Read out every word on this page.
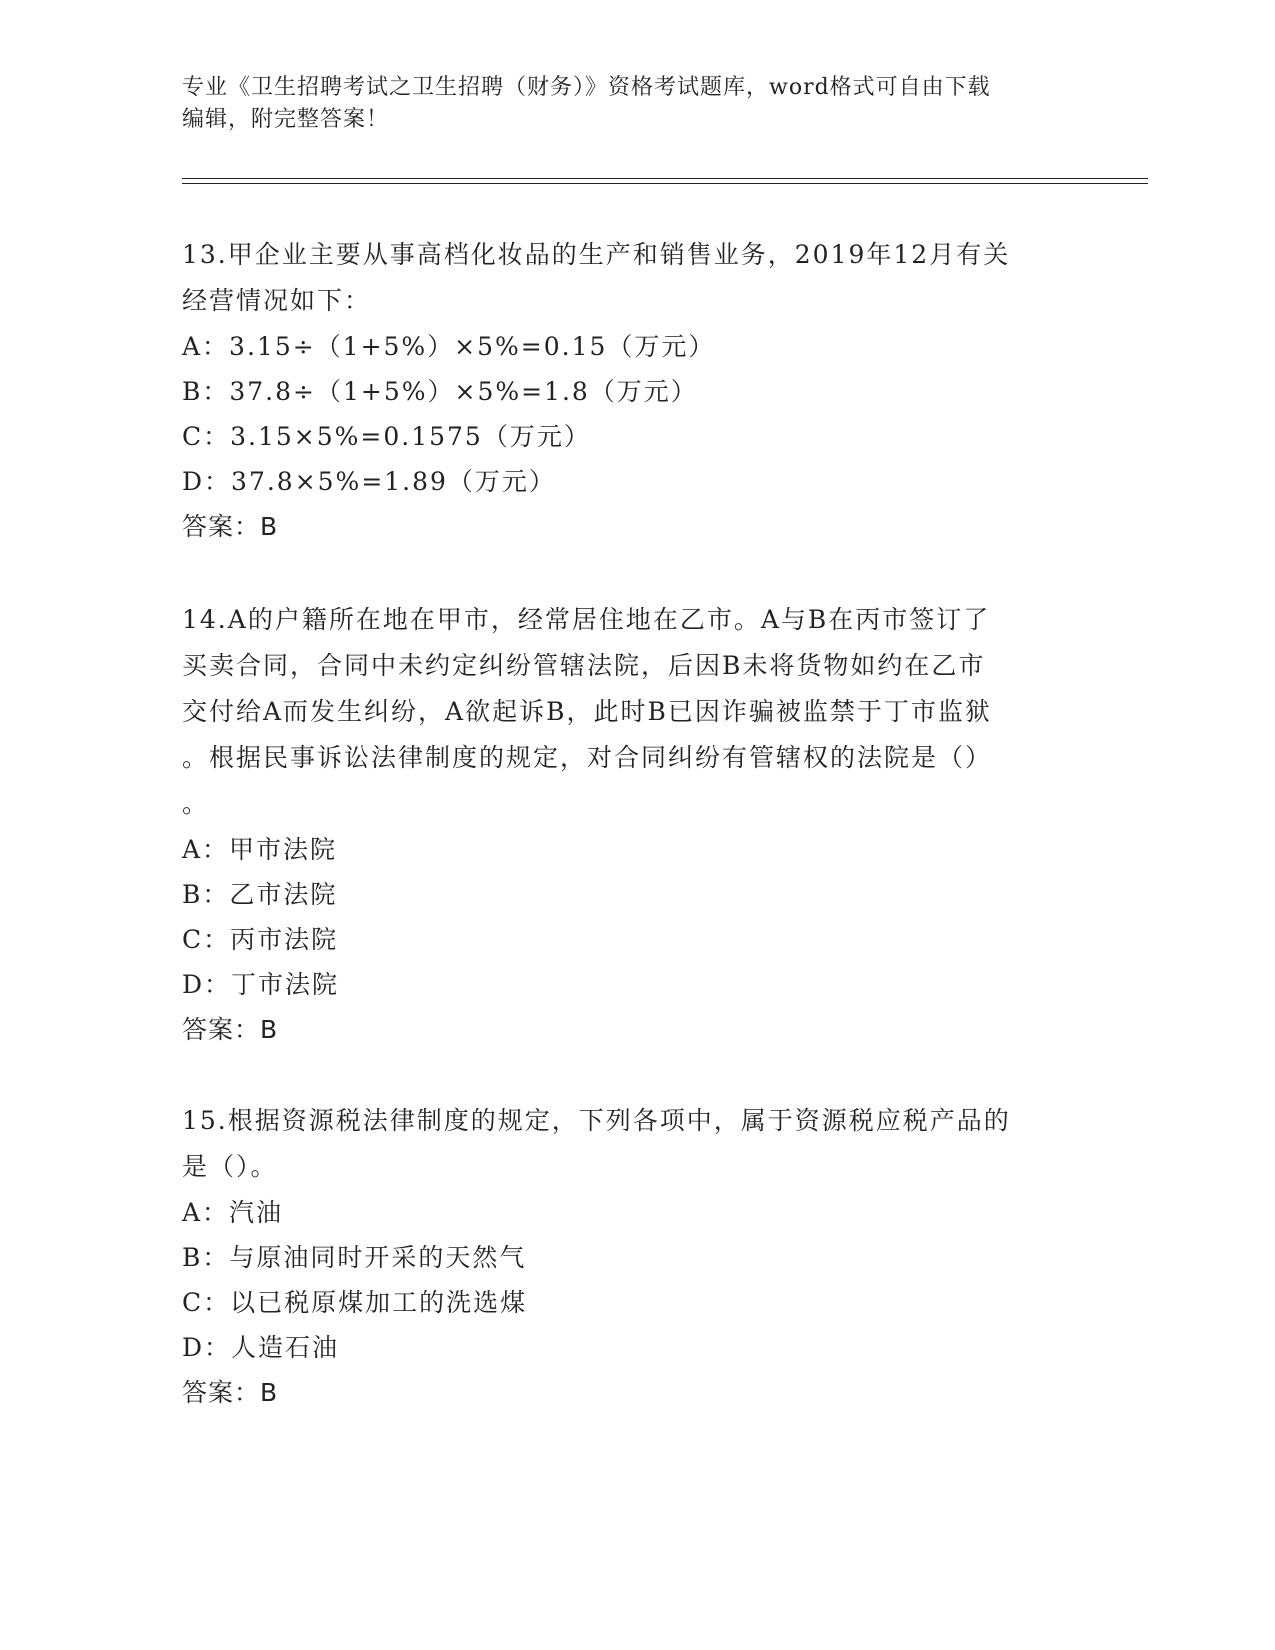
专业《卫生招聘考试之卫生招聘（财务）》资格考试题库，word格式可自由下载
编辑，附完整答案！
13.甲企业主要从事高档化妆品的生产和销售业务，2019年12月有关
经营情况如下：
A：3.15÷（1+5%）×5%=0.15（万元）
B：37.8÷（1+5%）×5%=1.8（万元）
C：3.15×5%=0.1575（万元）
D：37.8×5%=1.89（万元）
答案：B
14.A的户籍所在地在甲市，经常居住地在乙市。A与B在丙市签订了
买卖合同，合同中未约定纠纷管辖法院，后因B未将货物如约在乙市
交付给A而发生纠纷，A欲起诉B，此时B已因诈骗被监禁于丁市监狱
。根据民事诉讼法律制度的规定，对合同纠纷有管辖权的法院是（）
。
A：甲市法院
B：乙市法院
C：丙市法院
D：丁市法院
答案：B
15.根据资源税法律制度的规定，下列各项中，属于资源税应税产品的
是（）。
A：汽油
B：与原油同时开采的天然气
C：以已税原煤加工的洗选煤
D：人造石油
答案：B
